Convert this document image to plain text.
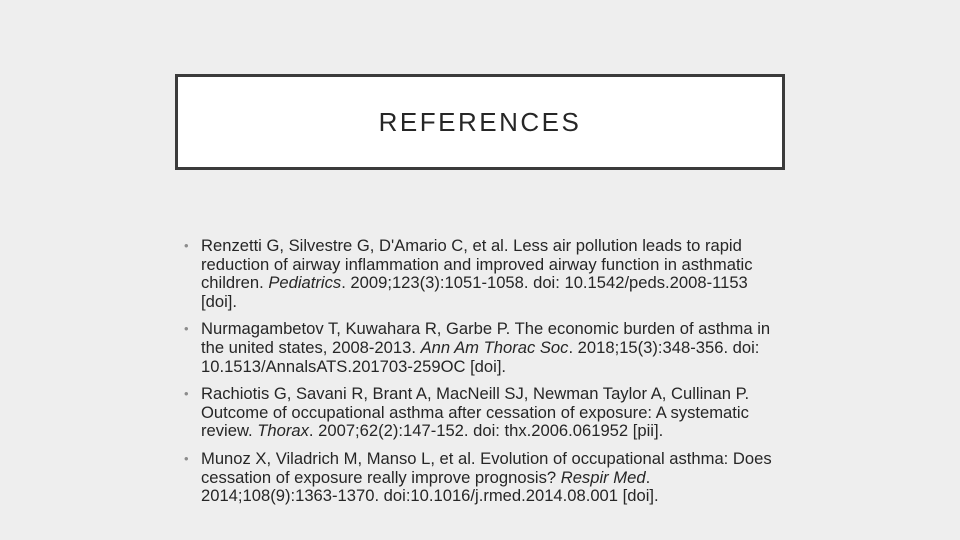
REFERENCES
• Renzetti G, Silvestre G, D'Amario C, et al. Less air pollution leads to rapid reduction of airway inflammation and improved airway function in asthmatic children. Pediatrics. 2009;123(3):1051-1058. doi: 10.1542/peds.2008-1153 [doi].
• Nurmagambetov T, Kuwahara R, Garbe P. The economic burden of asthma in the united states, 2008-2013. Ann Am Thorac Soc. 2018;15(3):348-356. doi: 10.1513/AnnalsATS.201703-259OC [doi].
• Rachiotis G, Savani R, Brant A, MacNeill SJ, Newman Taylor A, Cullinan P. Outcome of occupational asthma after cessation of exposure: A systematic review. Thorax. 2007;62(2):147-152. doi: thx.2006.061952 [pii].
• Munoz X, Viladrich M, Manso L, et al. Evolution of occupational asthma: Does cessation of exposure really improve prognosis? Respir Med. 2014;108(9):1363-1370. doi:10.1016/j.rmed.2014.08.001 [doi].
